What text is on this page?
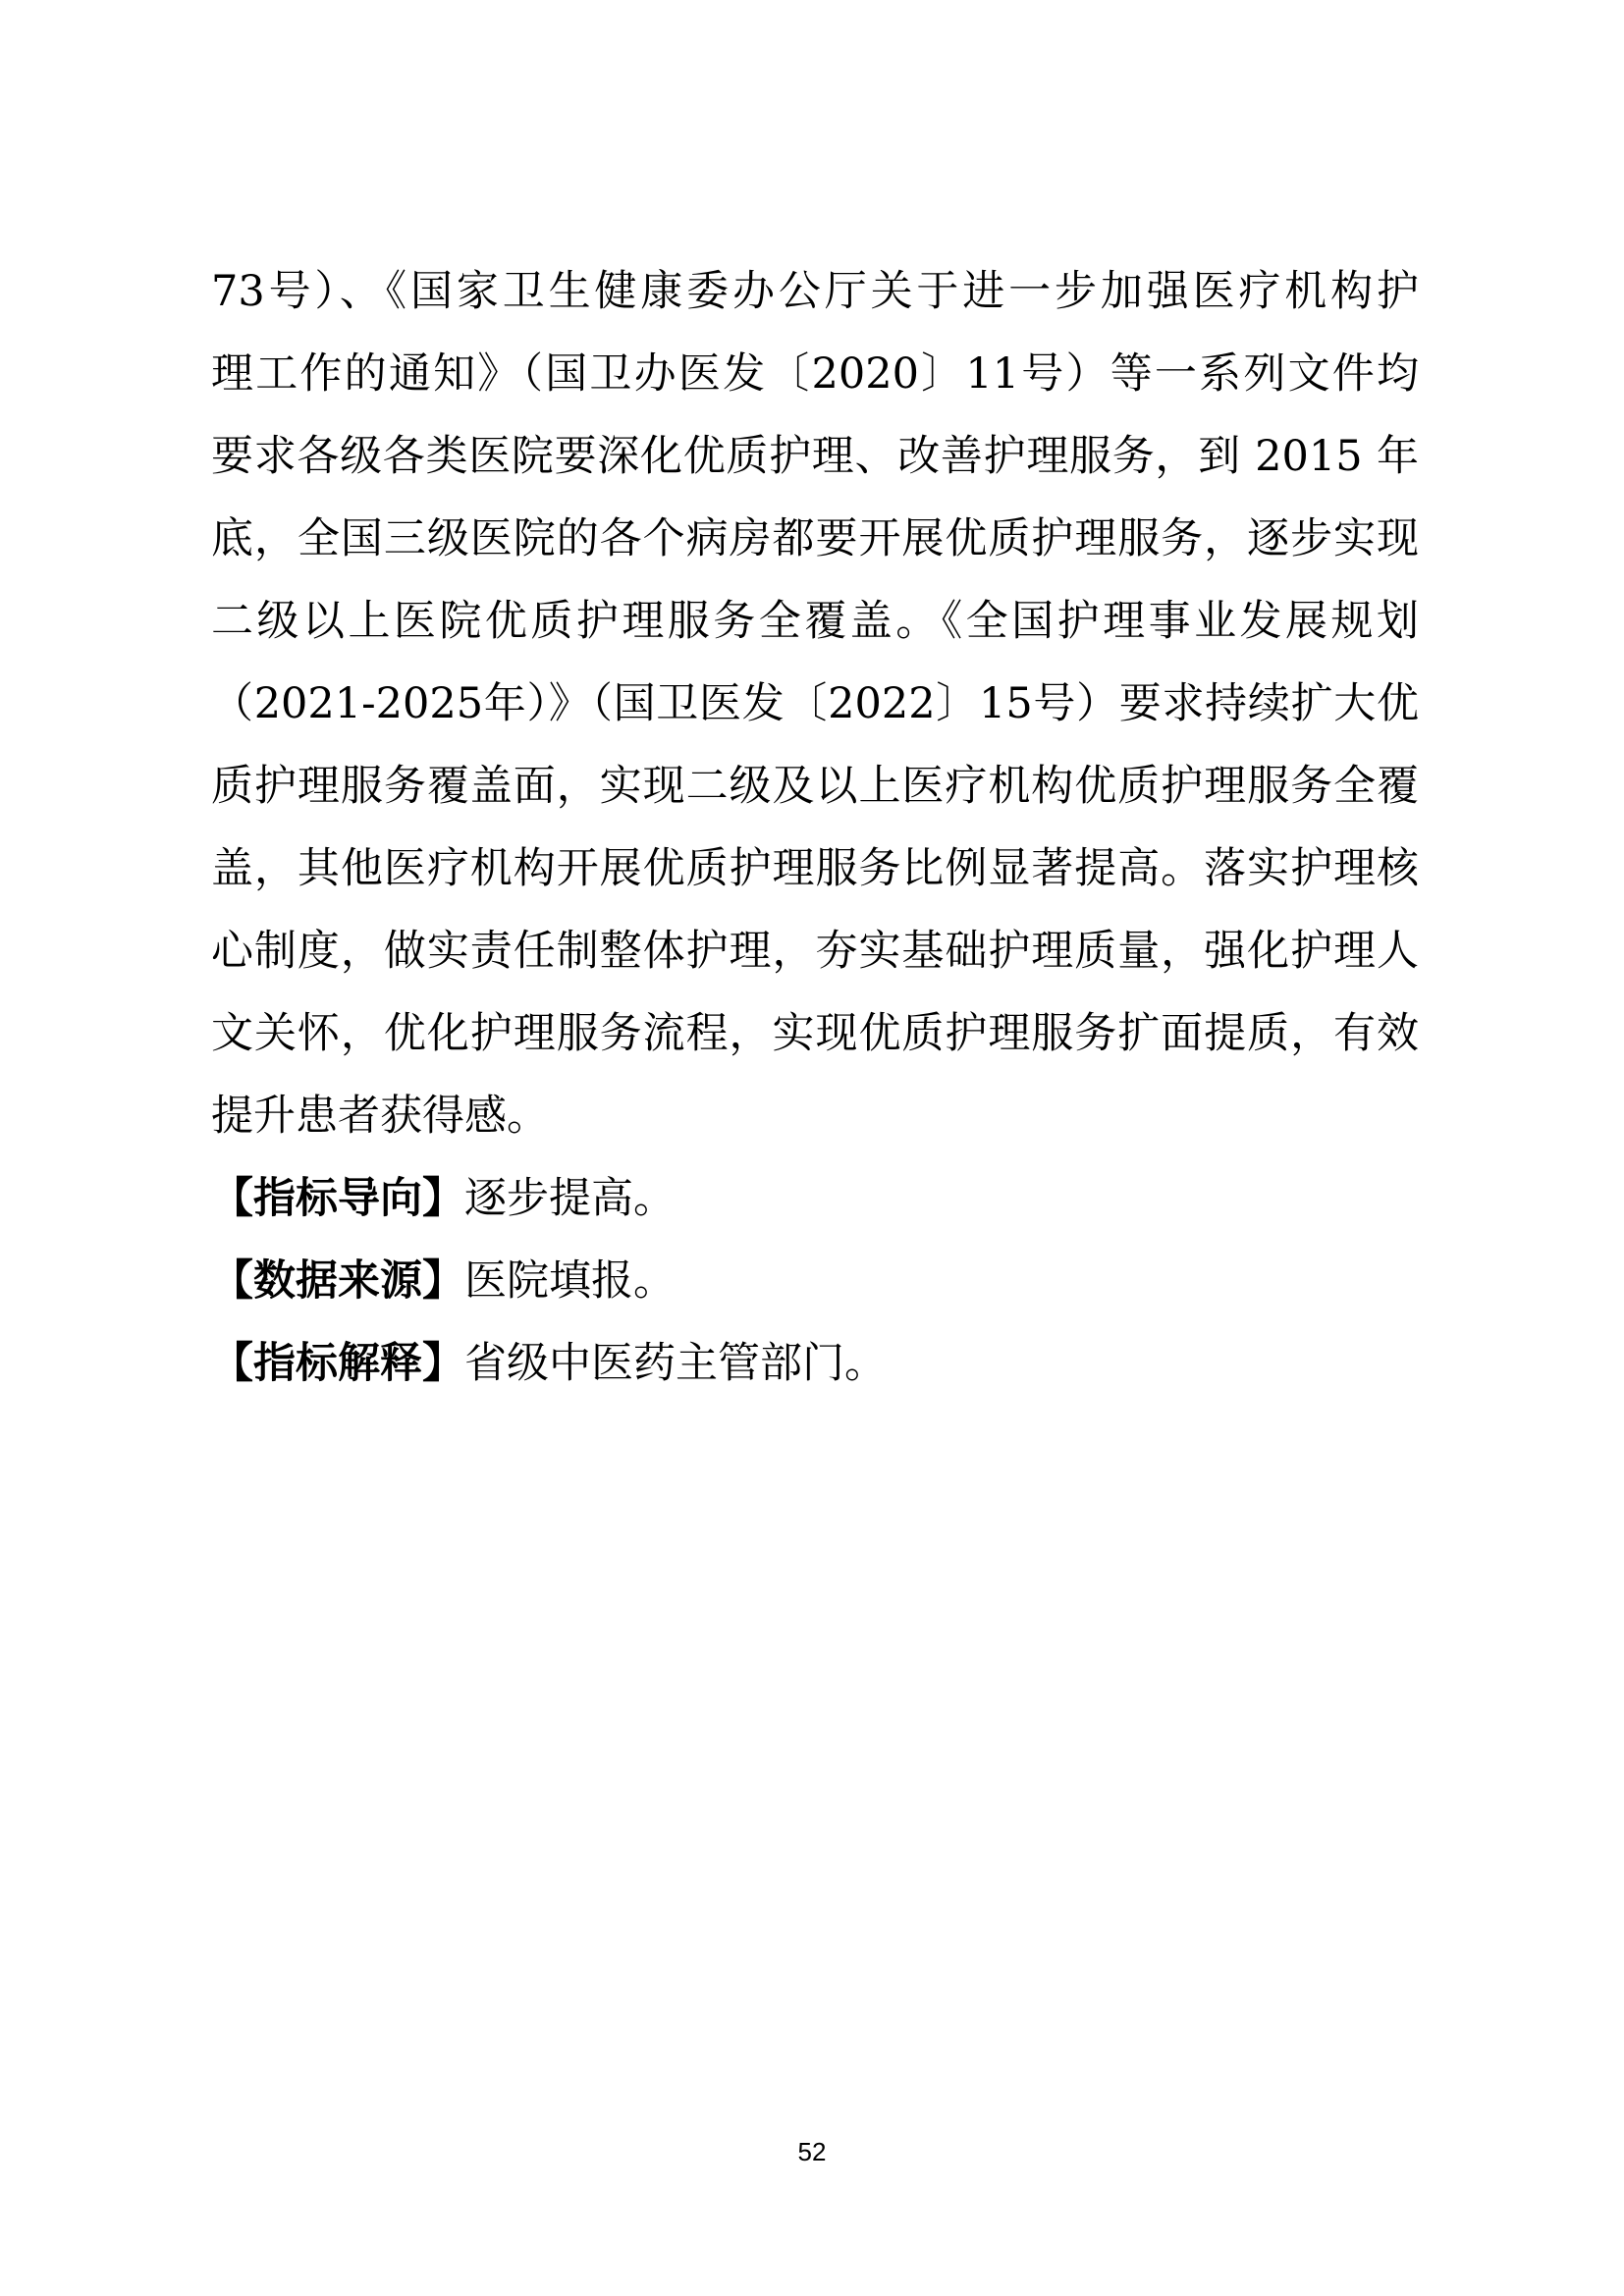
73号）、《国家卫生健康委办公厅关于进一步加强医疗机构护
理工作的通知》（国卫办医发〔2020〕11号）等一系列文件均
要求各级各类医院要深化优质护理、改善护理服务，到 2015 年
底，全国三级医院的各个病房都要开展优质护理服务，逐步实现
二级以上医院优质护理服务全覆盖。《全国护理事业发展规划
（2021-2025年）》（国卫医发〔2022〕15号）要求持续扩大优
质护理服务覆盖面，实现二级及以上医疗机构优质护理服务全覆
盖，其他医疗机构开展优质护理服务比例显著提高。落实护理核
心制度，做实责任制整体护理，夯实基础护理质量，强化护理人
文关怀，优化护理服务流程，实现优质护理服务扩面提质，有效
提升患者获得感。
【指标导向】逐步提高。
【数据来源】医院填报。
【指标解释】省级中医药主管部门。
52
